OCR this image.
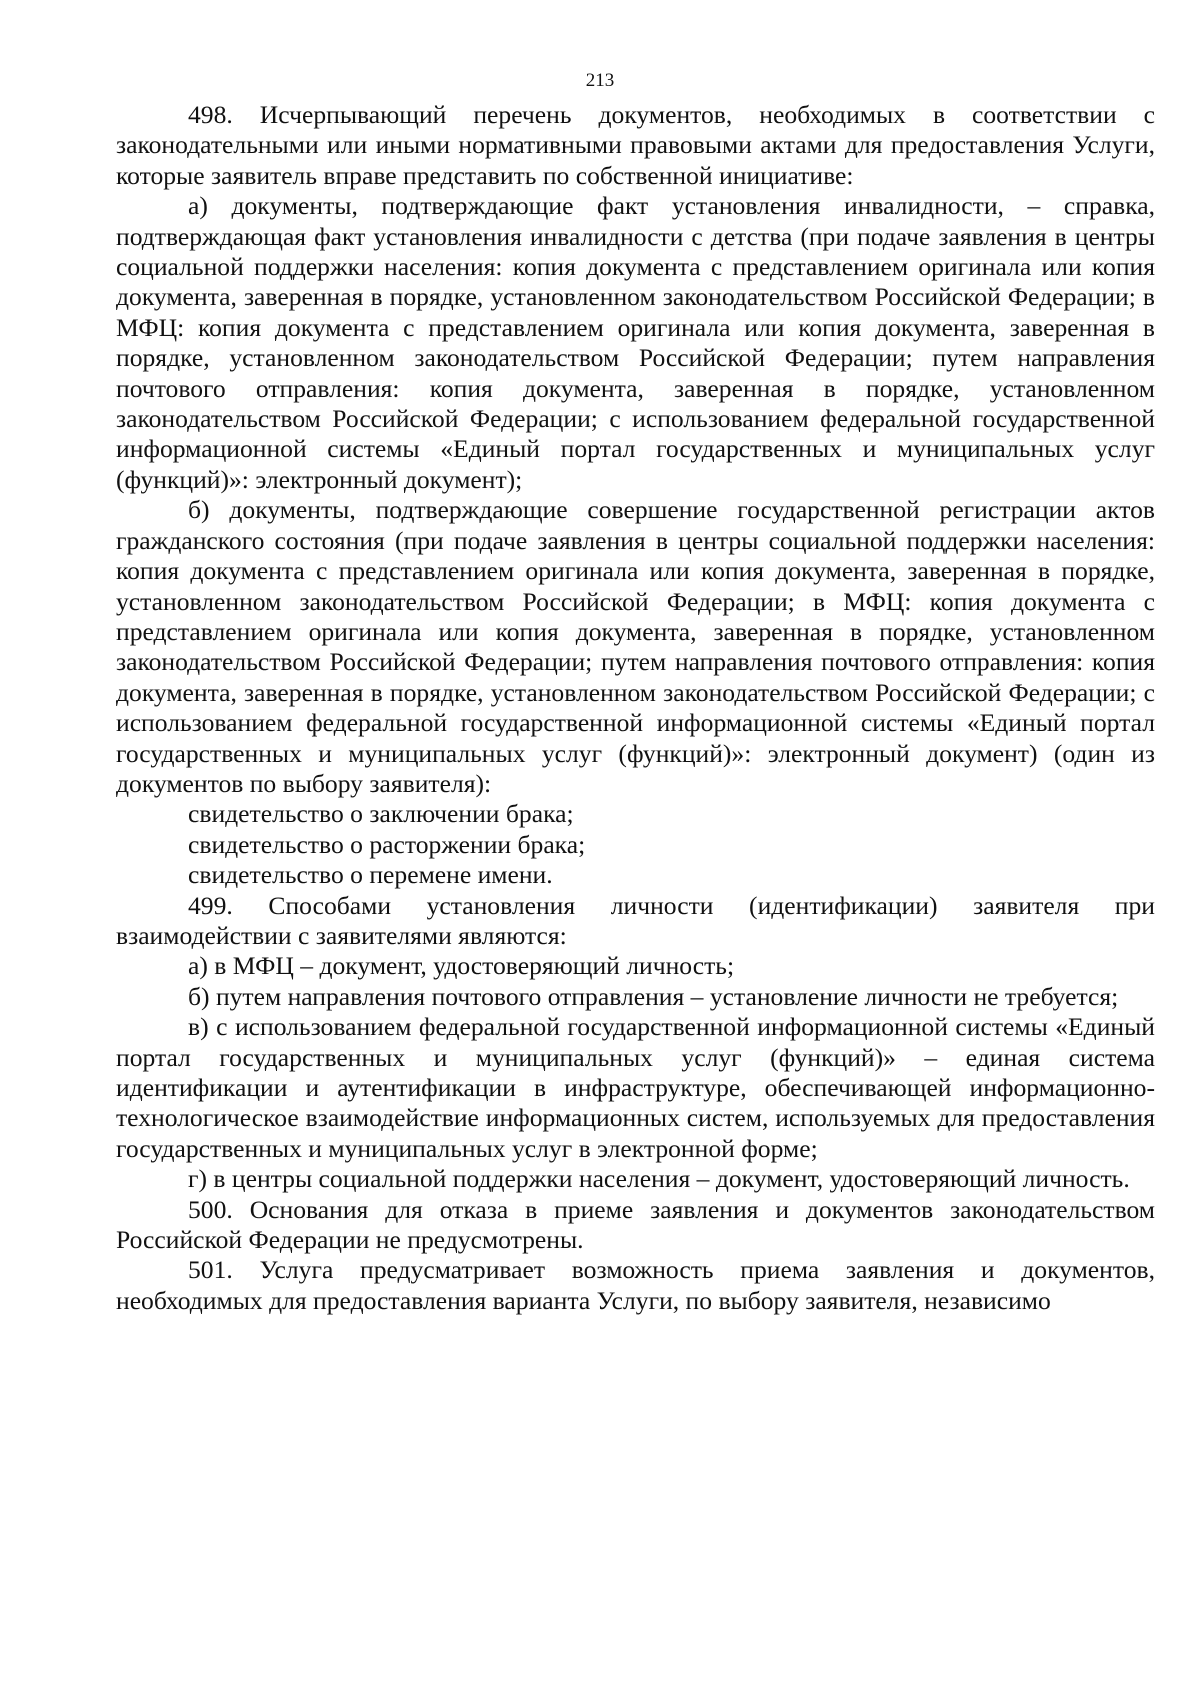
213

498. Исчерпывающий перечень документов, необходимых в соответствии с законодательными или иными нормативными правовыми актами для предоставления Услуги, которые заявитель вправе представить по собственной инициативе:

а) документы, подтверждающие факт установления инвалидности, – справка, подтверждающая факт установления инвалидности с детства (при подаче заявления в центры социальной поддержки населения: копия документа с представлением оригинала или копия документа, заверенная в порядке, установленном законодательством Российской Федерации; в МФЦ: копия документа с представлением оригинала или копия документа, заверенная в порядке, установленном законодательством Российской Федерации; путем направления почтового отправления: копия документа, заверенная в порядке, установленном законодательством Российской Федерации; с использованием федеральной государственной информационной системы «Единый портал государственных и муниципальных услуг (функций)»: электронный документ);

б) документы, подтверждающие совершение государственной регистрации актов гражданского состояния (при подаче заявления в центры социальной поддержки населения: копия документа с представлением оригинала или копия документа, заверенная в порядке, установленном законодательством Российской Федерации; в МФЦ: копия документа с представлением оригинала или копия документа, заверенная в порядке, установленном законодательством Российской Федерации; путем направления почтового отправления: копия документа, заверенная в порядке, установленном законодательством Российской Федерации; с использованием федеральной государственной информационной системы «Единый портал государственных и муниципальных услуг (функций)»: электронный документ) (один из документов по выбору заявителя):

свидетельство о заключении брака;

свидетельство о расторжении брака;

свидетельство о перемене имени.

499. Способами установления личности (идентификации) заявителя при взаимодействии с заявителями являются:

а) в МФЦ – документ, удостоверяющий личность;

б) путем направления почтового отправления – установление личности не требуется;

в) с использованием федеральной государственной информационной системы «Единый портал государственных и муниципальных услуг (функций)» – единая система идентификации и аутентификации в инфраструктуре, обеспечивающей информационно-технологическое взаимодействие информационных систем, используемых для предоставления государственных и муниципальных услуг в электронной форме;

г) в центры социальной поддержки населения – документ, удостоверяющий личность.

500. Основания для отказа в приеме заявления и документов законодательством Российской Федерации не предусмотрены.

501. Услуга предусматривает возможность приема заявления и документов, необходимых для предоставления варианта Услуги, по выбору заявителя, независимо
